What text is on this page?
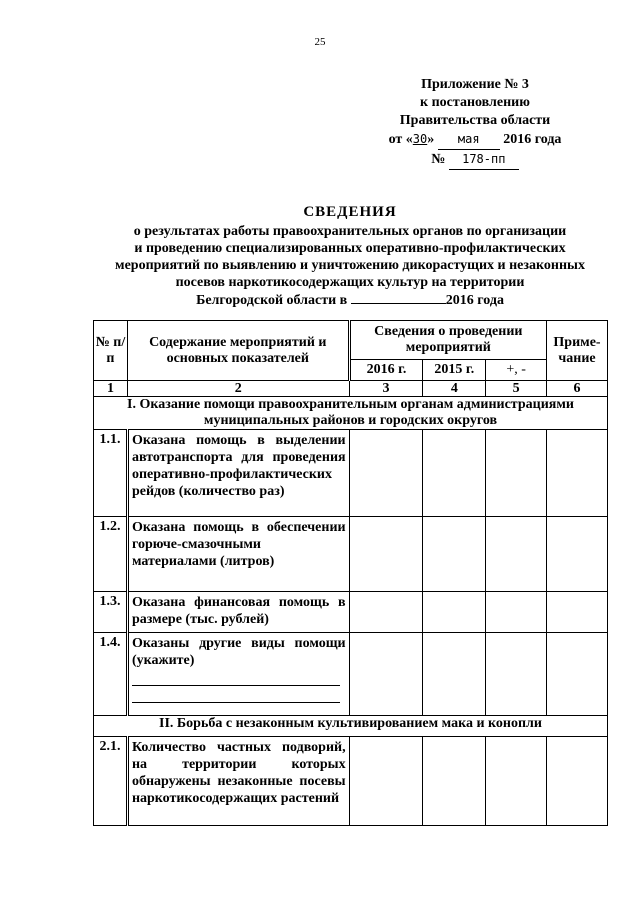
25
Приложение № 3
к постановлению
Правительства области
от «30» мая 2016 года
№ 178-пп
СВЕДЕНИЯ
о результатах работы правоохранительных органов по организации
и проведению специализированных оперативно-профилактических
мероприятий по выявлению и уничтожению дикорастущих и незаконных
посевов наркотикосодержащих культур на территории
Белгородской области в	2016 года
№ п/п	Содержание мероприятий и основных показателей	Сведения о проведении мероприятий			Приме-чание
		2016 г.	2015 г.	+, -	
1	2	3	4	5	6
I. Оказание помощи правоохранительным органам администрациями муниципальных районов и городских округов					
1.1.	Оказана помощь в выделении автотранспорта для проведения оперативно-профилактических рейдов (количество раз)				
1.2.	Оказана помощь в обеспечении горюче-смазочными материалами (литров)				
1.3.	Оказана финансовая помощь в размере (тыс. рублей)				
1.4.	Оказаны другие виды помощи (укажите)

II. Борьба с незаконным культивированием мака и конопли					
2.1.	Количество частных подворий, на территории которых обнаружены незаконные посевы наркотикосодержащих растений				
